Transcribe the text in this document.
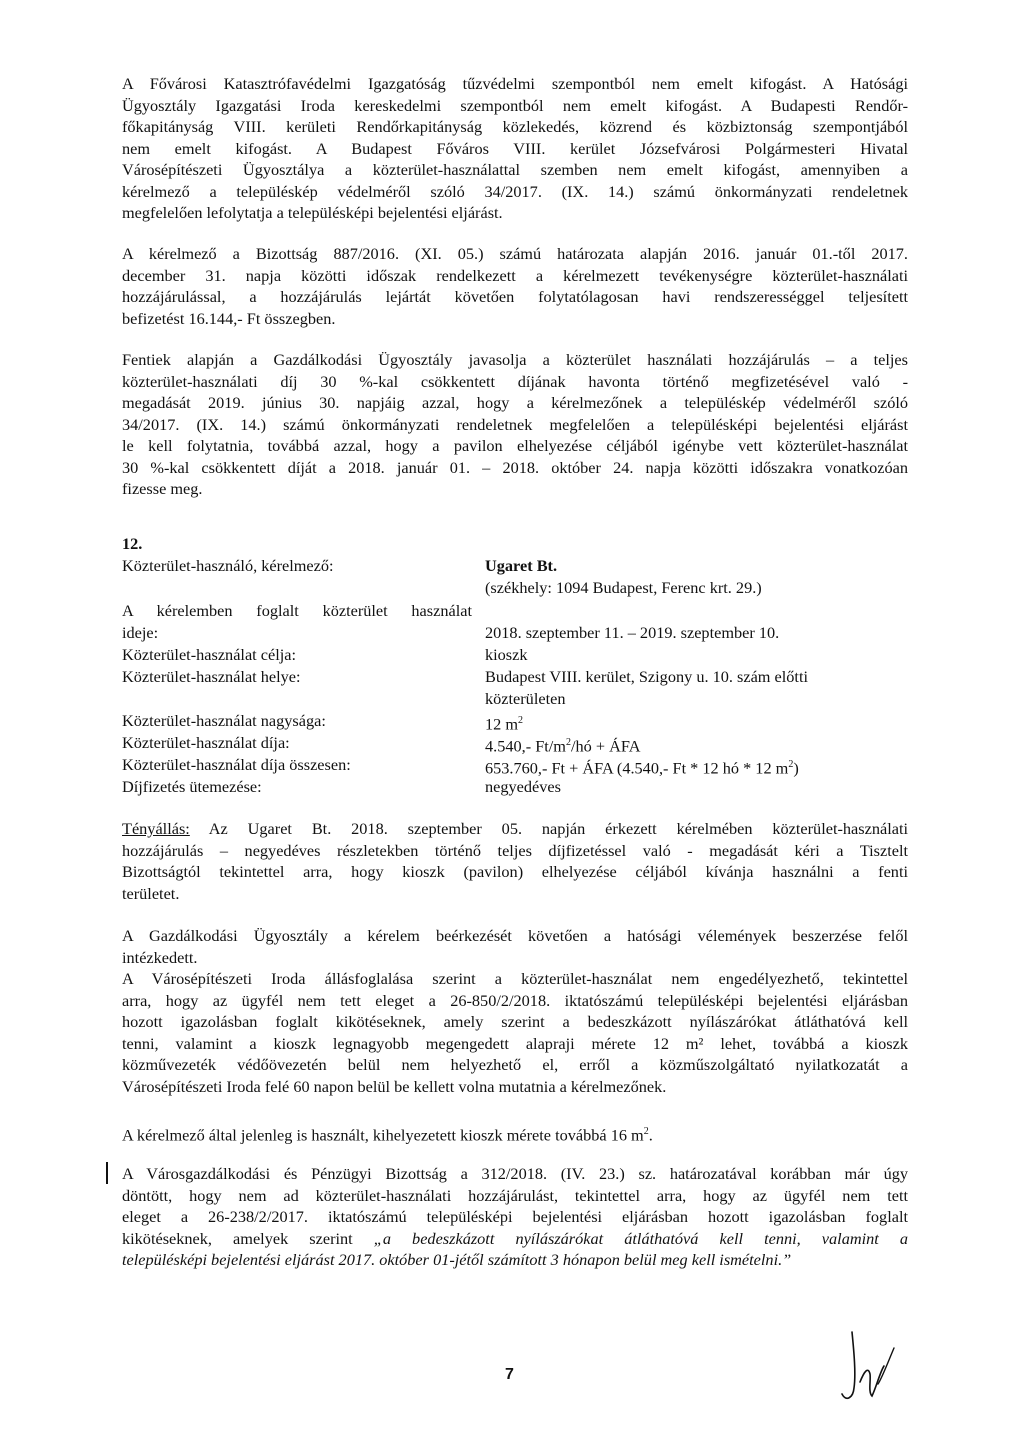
A Fővárosi Katasztrófavédelmi Igazgatóság tűzvédelmi szempontból nem emelt kifogást. A Hatósági
Ügyosztály Igazgatási Iroda kereskedelmi szempontból nem emelt kifogást. A Budapesti Rendőr-
főkapitányság VIII. kerületi Rendőrkapitányság közlekedés, közrend és közbiztonság szempontjából
nem emelt kifogást. A Budapest Főváros VIII. kerület Józsefvárosi Polgármesteri Hivatal
Városépítészeti Ügyosztálya a közterület-használattal szemben nem emelt kifogást, amennyiben a
kérelmező a településkép védelméről szóló 34/2017. (IX. 14.) számú önkormányzati rendeletnek
megfelelően lefolytatja a településképi bejelentési eljárást.
A kérelmező a Bizottság 887/2016. (XI. 05.) számú határozata alapján 2016. január 01.-től 2017.
december 31. napja közötti időszak rendelkezett a kérelmezett tevékenységre közterület-használati
hozzájárulással, a hozzájárulás lejártát követően folytatólagosan havi rendszerességgel teljesített
befizetést 16.144,- Ft összegben.
Fentiek alapján a Gazdálkodási Ügyosztály javasolja a közterület használati hozzájárulás – a teljes
közterület-használati díj 30 %-kal csökkentett díjának havonta történő megfizetésével való -
megadását 2019. június 30. napjáig azzal, hogy a kérelmezőnek a településkép védelméről szóló
34/2017. (IX. 14.) számú önkormányzati rendeletnek megfelelően a településképi bejelentési eljárást
le kell folytatnia, továbbá azzal, hogy a pavilon elhelyezése céljából igénybe vett közterület-használat
30 %-kal csökkentett díját a 2018. január 01. – 2018. október 24. napja közötti időszakra vonatkozóan
fizesse meg.
12.
Közterület-használó, kérelmező:	Ugaret Bt.
(székhely: 1094 Budapest, Ferenc krt. 29.)
A kérelemben foglalt közterület használat
ideje:	2018. szeptember 11. – 2019. szeptember 10.
Közterület-használat célja:	kioszk
Közterület-használat helye:	Budapest VIII. kerület, Szigony u. 10. szám előtti
közterületen
Közterület-használat nagysága:	12 $m^2$
Közterület-használat díja:	4.540,- $Ft/m^2/hó$ + ÁFA
Közterület-használat díja összesen:	653.760,- Ft + ÁFA (4.540,- Ft * 12 hó * 12 $m^2$)
Díjfizetés ütemezése:	negyedéves
Tényállás: Az Ugaret Bt. 2018. szeptember 05. napján érkezett kérelmében közterület-használati
hozzájárulás – negyedéves részletekben történő teljes díjfizetéssel való - megadását kéri a Tisztelt
Bizottságtól tekintettel arra, hogy kioszk (pavilon) elhelyezése céljából kívánja használni a fenti
területet.
A Gazdálkodási Ügyosztály a kérelem beérkezését követően a hatósági vélemények beszerzése felől
intézkedett.
A Városépítészeti Iroda állásfoglalása szerint a közterület-használat nem engedélyezhető, tekintettel
arra, hogy az ügyfél nem tett eleget a 26-850/2/2018. iktatószámú településképi bejelentési eljárásban
hozott igazolásban foglalt kikötéseknek, amely szerint a bedeszkázott nyílászárókat átláthatóvá kell
tenni, valamint a kioszk legnagyobb megengedett alapraji mérete 12 m² lehet, továbbá a kioszk
közművezeték védőövezetén belül nem helyezhető el, erről a közműszolgáltató nyilatkozatát a
Városépítészeti Iroda felé 60 napon belül be kellett volna mutatnia a kérelmezőnek.
A kérelmező által jelenleg is használt, kihelyezetett kioszk mérete továbbá 16 $m^2$.
A Városgazdálkodási és Pénzügyi Bizottság a 312/2018. (IV. 23.) sz. határozatával korábban már úgy
döntött, hogy nem ad közterület-használati hozzájárulást, tekintettel arra, hogy az ügyfél nem tett
eleget a 26-238/2/2017. iktatószámú településképi bejelentési eljárásban hozott igazolásban foglalt
kikötéseknek, amelyek szerint „a bedeszkázott nyílászárókat átláthatóvá kell tenni, valamint a
településképi bejelentési eljárást 2017. október 01-jétől számított 3 hónapon belül meg kell ismételni.”
7
